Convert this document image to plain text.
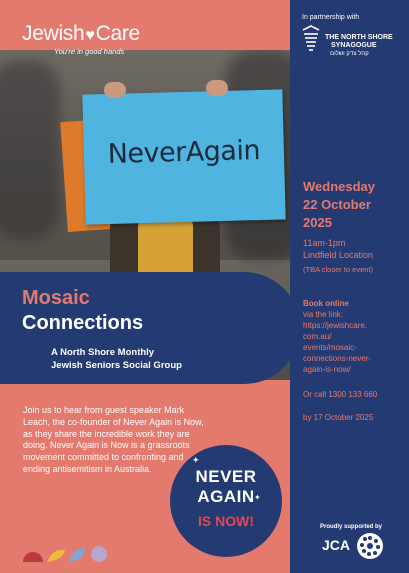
NeverAgain
Jewish♥Care
You're in good hands
In partnership with
THE NORTH SHORE
SYNAGOGUE
קהל צדק ושלום
Wednesday
22 October
2025
11am-1pm
Lindfield Location
(TBA closer to event)
Book online
via the link:
https://jewishcare.
com.au/
events/mosaic-
connections-never-
again-is-now/
Or call 1300 133 660
by 17 October 2025
Mosaic
Connections
A North Shore Monthly
Jewish Seniors Social Group
Join us to hear from guest speaker Mark Leach, the co-founder of Never Again is Now, as they share the incredible work they are doing. Never Again is Now is a grassroots movement committed to confronting and ending antisemitism in Australia.
✦
✦
NEVER
AGAIN
IS NOW!	Proudly supported by
JCA
